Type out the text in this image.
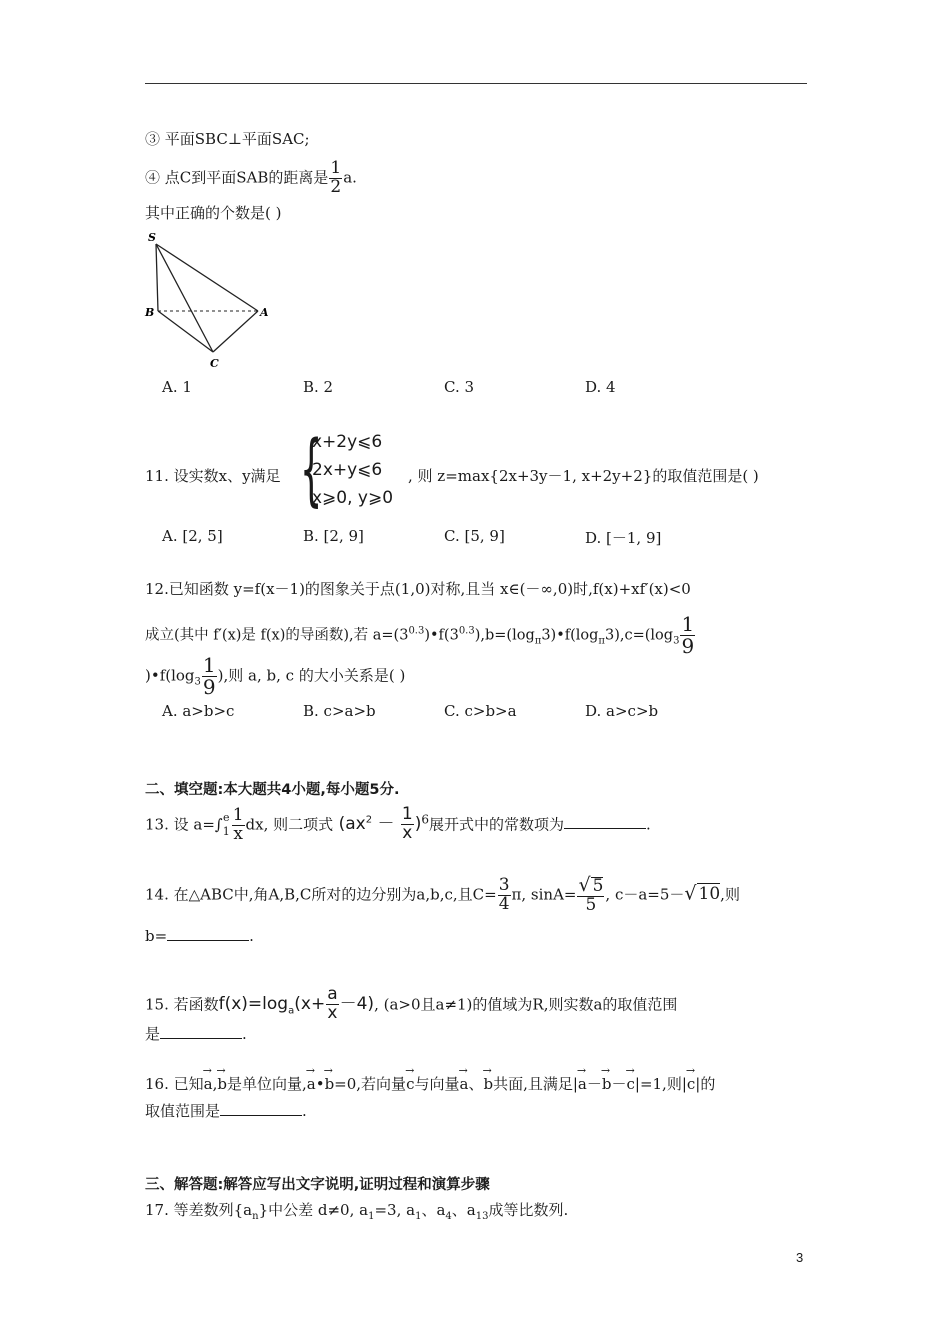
③ 平面SBC⊥平面SAC;
④ 点C到平面SAB的距离是 $\frac{1}{2} a$.
其中正确的个数是( )
S
B	A
C
A. 1	B. 2	C. 3	D. 4
11. 设实数x、y满足 {
x+2y⩽6
2x+y⩽6
x⩾0, y⩾0
, 则 z=max{2x+3y－1, x+2y+2}的取值范围是( )
A. [2, 5]	B. [2, 9]	C. [5, 9]	D. [－1, 9]
12.已知函数 y=f(x－1)的图象关于点(1,0)对称,且当 x∈(－∞,0)时,f(x)+xf′(x)<0
成立(其中 f′(x)是 f(x)的导函数),若 $a=(3^{0.3})•f(3^{0.3}),b=(\log_\pi 3)•f(\log_\pi 3),c=(\log_3 \frac{1}{9}$
)$•f(\log_3 \frac{1}{9}$ ),则 a, b, c 的大小关系是( )
A. a>b>c	B. c>a>b	C. c>b>a	D. a>c>b
二、填空题:本大题共4小题,每小题5分.
13. 设 a=∫ e
$1 \frac{1}{x}$ dx, 则二项式 $(ax^2 - \frac{1}{x} )^6$展开式中的常数项为	.
14. 在△ABC中,角A,B,C所对的边分别为a,b,c,且$C= \frac{3}{4} \pi$, $\sin A= \frac{√ 5}{5}$ , c－a=5－√ 10,则
b=	.
15. 若函数$f(x)=\log_a(x+ \frac{a}{x} -4)$, (a>0且a≠1)的值域为R,则实数a的取值范围
是	.
16. 已知→ a,→ b是单位向量,→ a•→ b=0,若向量→ c与向量→ a、→ b共面,且满足|→ a－→ b－→ c|=1,则|→ c|的
取值范围是	.
三、解答题:解答应写出文字说明,证明过程和演算步骤
17. 等差数列$\{a_n\}$中公差 d≠0, $a_1=3$, $a_1$、$a_4$、$a_{13}$成等比数列.
3
